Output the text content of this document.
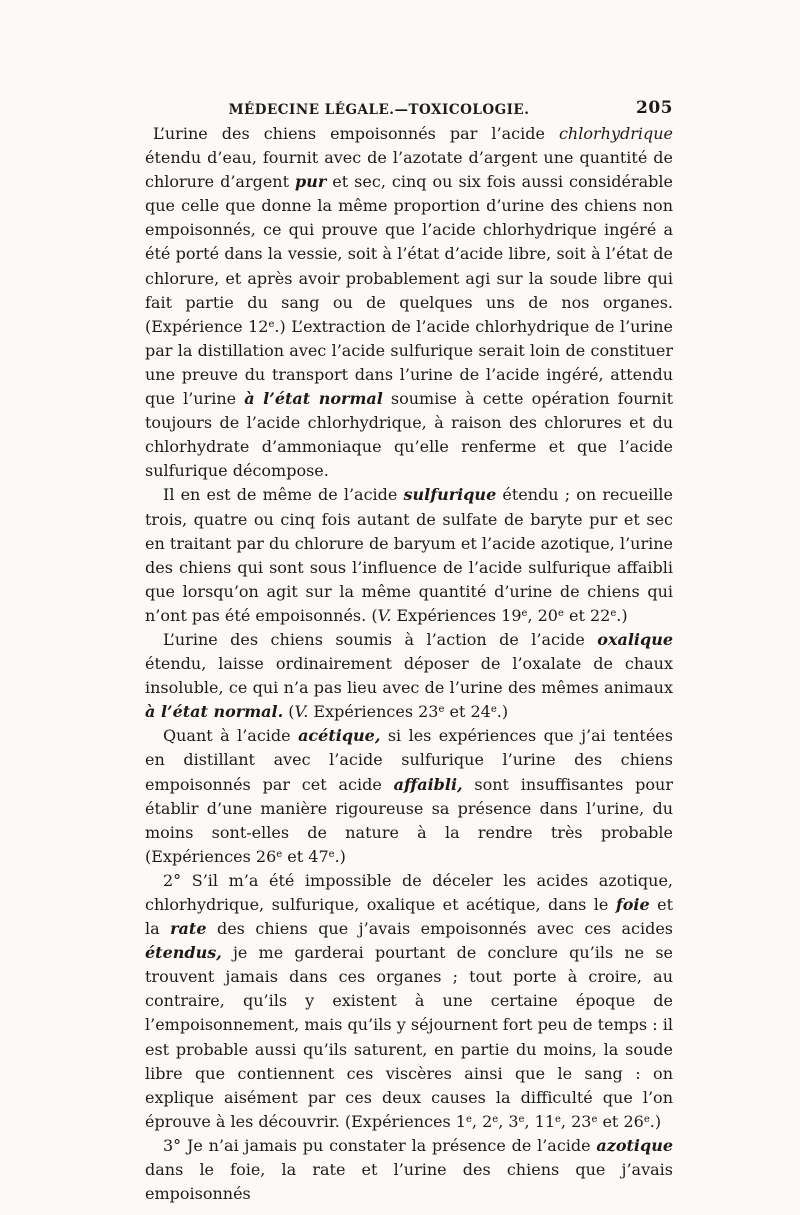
MÉDECINE LÉGALE.—TOXICOLOGIE.	205

L’urine des chiens empoisonnés par l’acide chlorhydrique étendu d’eau, fournit avec de l’azotate d’argent une quantité de chlorure d’argent pur et sec, cinq ou six fois aussi considérable que celle que donne la même proportion d’urine des chiens non empoisonnés, ce qui prouve que l’acide chlorhydrique ingéré a été porté dans la vessie, soit à l’état d’acide libre, soit à l’état de chlorure, et après avoir probablement agi sur la soude libre qui fait partie du sang ou de quelques uns de nos organes. (Expérience 12e.) L’extraction de l’acide chlorhydrique de l’urine par la distillation avec l’acide sulfurique serait loin de constituer une preuve du transport dans l’urine de l’acide ingéré, attendu que l’urine à l’état normal soumise à cette opération fournit toujours de l’acide chlorhydrique, à raison des chlorures et du chlorhydrate d’ammoniaque qu’elle renferme et que l’acide sulfurique décompose.

Il en est de même de l’acide sulfurique étendu ; on recueille trois, quatre ou cinq fois autant de sulfate de baryte pur et sec en traitant par du chlorure de baryum et l’acide azotique, l’urine des chiens qui sont sous l’influence de l’acide sulfurique affaibli que lorsqu’on agit sur la même quantité d’urine de chiens qui n’ont pas été empoisonnés. (V. Expériences 19e, 20e et 22e.)

L’urine des chiens soumis à l’action de l’acide oxalique étendu, laisse ordinairement déposer de l’oxalate de chaux insoluble, ce qui n’a pas lieu avec de l’urine des mêmes animaux à l’état normal. (V. Expériences 23e et 24e.)

Quant à l’acide acétique, si les expériences que j’ai tentées en distillant avec l’acide sulfurique l’urine des chiens empoisonnés par cet acide affaibli, sont insuffisantes pour établir d’une manière rigoureuse sa présence dans l’urine, du moins sont-elles de nature à la rendre très probable (Expériences 26e et 47e.)

2° S’il m’a été impossible de déceler les acides azotique, chlorhydrique, sulfurique, oxalique et acétique, dans le foie et la rate des chiens que j’avais empoisonnés avec ces acides étendus, je me garderai pourtant de conclure qu’ils ne se trouvent jamais dans ces organes ; tout porte à croire, au contraire, qu’ils y existent à une certaine époque de l’empoisonnement, mais qu’ils y séjournent fort peu de temps : il est probable aussi qu’ils saturent, en partie du moins, la soude libre que contiennent ces viscères ainsi que le sang : on explique aisément par ces deux causes la difficulté que l’on éprouve à les découvrir. (Expériences 1e, 2e, 3e, 11e, 23e et 26e.)

3° Je n’ai jamais pu constater la présence de l’acide azotique dans le foie, la rate et l’urine des chiens que j’avais empoisonnés
